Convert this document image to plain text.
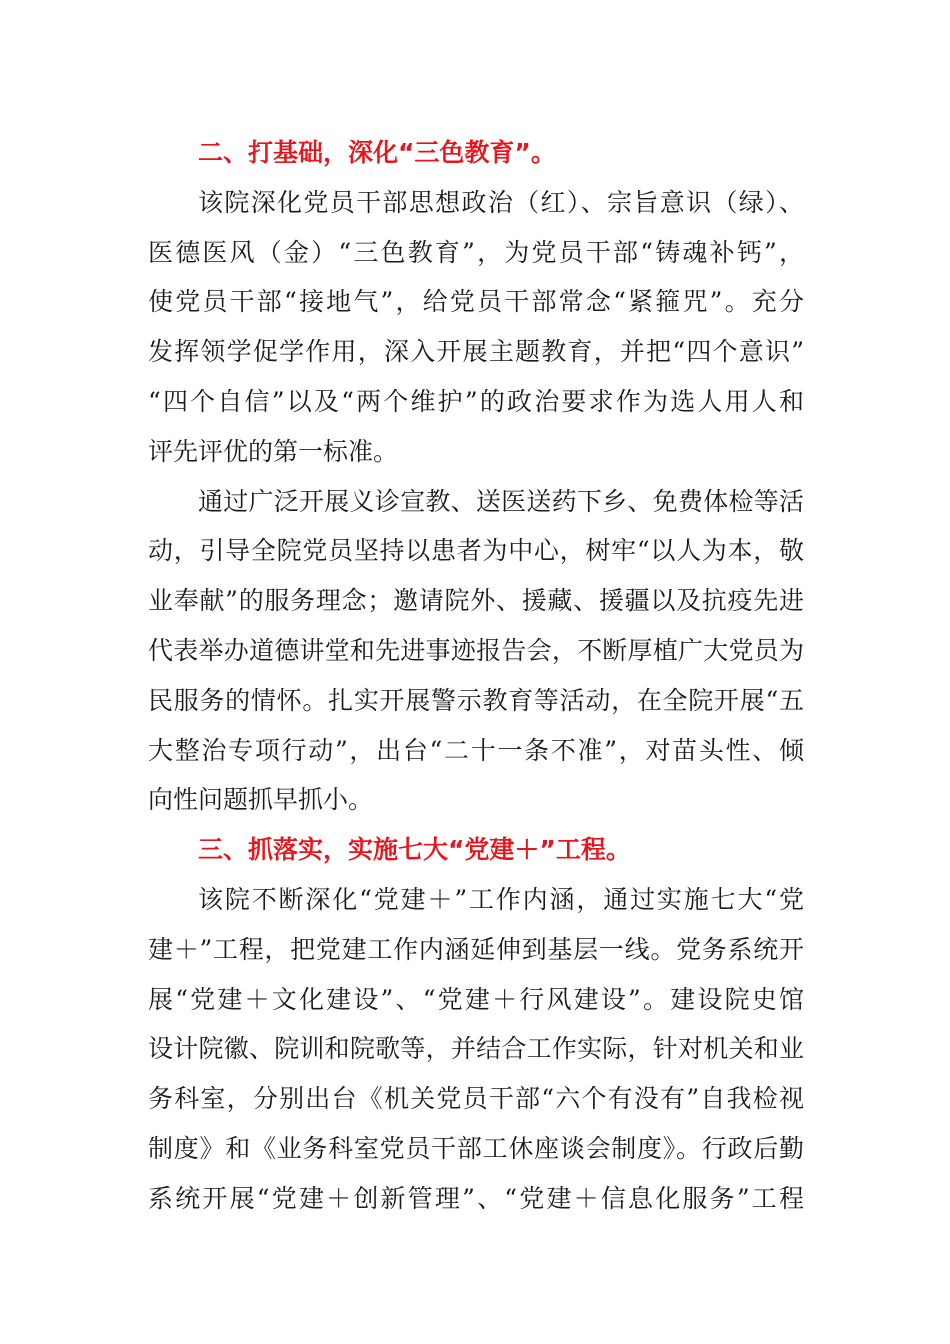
二、打基础，深化“三色教育”。
该院深化党员干部思想政治（红）、宗旨意识（绿）、
医德医风（金）“三色教育”，为党员干部“铸魂补钙”，
使党员干部“接地气”，给党员干部常念“紧箍咒”。充分
发挥领学促学作用，深入开展主题教育，并把“四个意识”
“四个自信”以及“两个维护”的政治要求作为选人用人和
评先评优的第一标准。
通过广泛开展义诊宣教、送医送药下乡、免费体检等活
动，引导全院党员坚持以患者为中心，树牢“以人为本，敬
业奉献”的服务理念；邀请院外、援藏、援疆以及抗疫先进
代表举办道德讲堂和先进事迹报告会，不断厚植广大党员为
民服务的情怀。扎实开展警示教育等活动，在全院开展“五
大整治专项行动”，出台“二十一条不准”，对苗头性、倾
向性问题抓早抓小。
三、抓落实，实施七大“党建＋”工程。
该院不断深化“党建＋”工作内涵，通过实施七大“党
建＋”工程，把党建工作内涵延伸到基层一线。党务系统开
展“党建＋文化建设”、“党建＋行风建设”。建设院史馆
设计院徽、院训和院歌等，并结合工作实际，针对机关和业
务科室，分别出台《机关党员干部“六个有没有”自我检视
制度》和《业务科室党员干部工休座谈会制度》。行政后勤
系统开展“党建＋创新管理”、“党建＋信息化服务”工程
